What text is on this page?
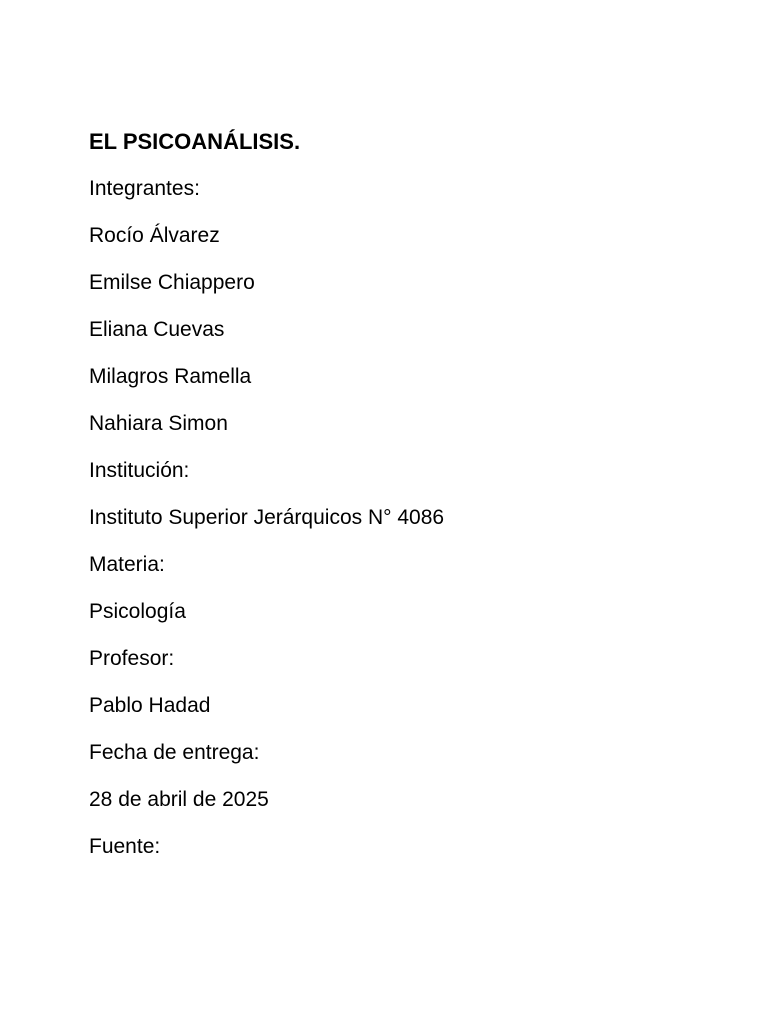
EL PSICOANÁLISIS.
Integrantes:
Rocío Álvarez
Emilse Chiappero
Eliana Cuevas
Milagros Ramella
Nahiara Simon
Institución:
Instituto Superior Jerárquicos N° 4086
Materia:
Psicología
Profesor:
Pablo Hadad
Fecha de entrega:
28 de abril de 2025
Fuente:
